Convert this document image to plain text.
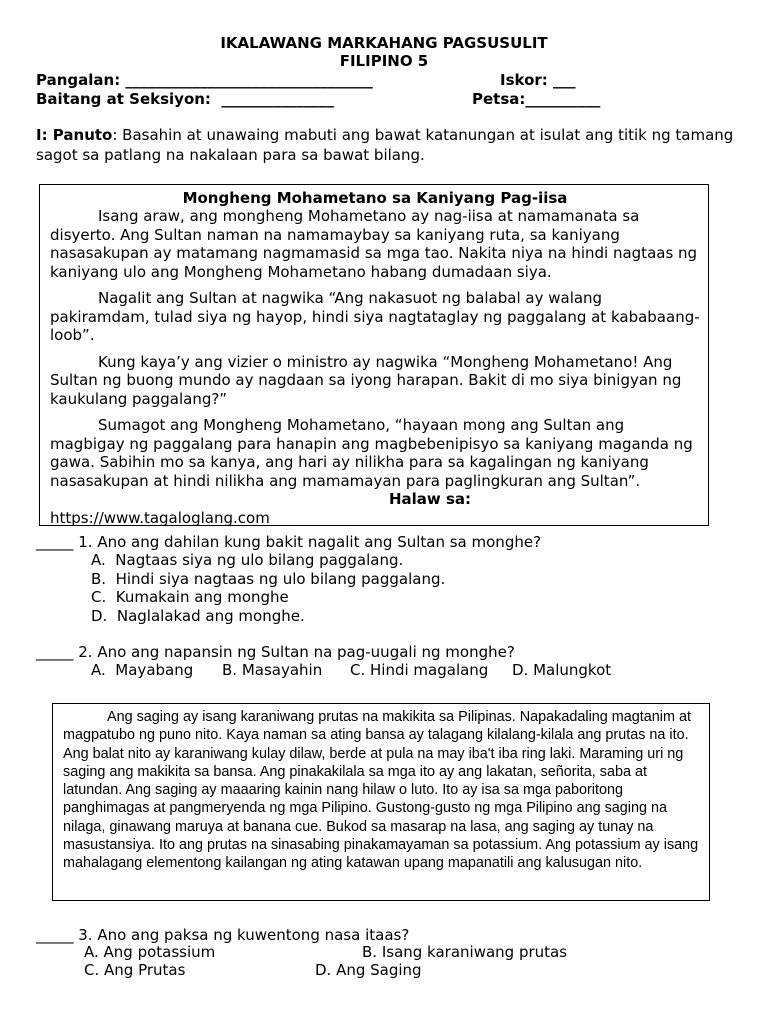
IKALAWANG MARKAHANG PAGSUSULIT
FILIPINO 5
Pangalan: _________________________________	Iskor: ___
Baitang at Seksiyon:  _______________	Petsa:__________
I: Panuto: Basahin at unawaing mabuti ang bawat katanungan at isulat ang titik ng tamang sagot sa patlang na nakalaan para sa bawat bilang.
Mongheng Mohametano sa Kaniyang Pag-iisa

Isang araw, ang mongheng Mohametano ay nag-iisa at namamanata sa disyerto. Ang Sultan naman na namamaybay sa kaniyang ruta, sa kaniyang nasasakupan ay matamang nagmamasid sa mga tao. Nakita niya na hindi nagtaas ng kaniyang ulo ang Mongheng Mohametano habang dumadaan siya.

Nagalit ang Sultan at nagwika “Ang nakasuot ng balabal ay walang pakiramdam, tulad siya ng hayop, hindi siya nagtataglay ng paggalang at kababaang-loob”.

Kung kaya’y ang vizier o ministro ay nagwika “Mongheng Mohametano! Ang Sultan ng buong mundo ay nagdaan sa iyong harapan. Bakit di mo siya binigyan ng kaukulang paggalang?”

Sumagot ang Mongheng Mohametano, “hayaan mong ang Sultan ang magbigay ng paggalang para hanapin ang magbebenipisyo sa kaniyang maganda ng gawa. Sabihin mo sa kanya, ang hari ay nilikha para sa kagalingan ng kaniyang nasasakupan at hindi nilikha ang mamamayan para paglingkuran ang Sultan”.

Halaw sa:
https://www.tagaloglang.com
_____ 1. Ano ang dahilan kung bakit nagalit ang Sultan sa monghe?
A.  Nagtaas siya ng ulo bilang paggalang.
B.  Hindi siya nagtaas ng ulo bilang paggalang.
C.  Kumakain ang monghe
D.  Naglalakad ang monghe.
_____ 2. Ano ang napansin ng Sultan na pag-uugali ng monghe?
A.  Mayabang B. Masayahin C. Hindi magalang D. Malungkot
Ang saging ay isang karaniwang prutas na makikita sa Pilipinas. Napakadaling magtanim at magpatubo ng puno nito. Kaya naman sa ating bansa ay talagang kilalang-kilala ang prutas na ito. Ang balat nito ay karaniwang kulay dilaw, berde at pula na may iba't iba ring laki. Maraming uri ng saging ang makikita sa bansa. Ang pinakakilala sa mga ito ay ang lakatan, señorita, saba at latundan. Ang saging ay maaaring kainin nang hilaw o luto. Ito ay isa sa mga paboritong panghimagas at pangmeryenda ng mga Pilipino. Gustong-gusto ng mga Pilipino ang saging na nilaga, ginawang maruya at banana cue. Bukod sa masarap na lasa, ang saging ay tunay na masustansiya. Ito ang prutas na sinasabing pinakamayaman sa potassium. Ang potassium ay isang mahalagang elementong kailangan ng ating katawan upang mapanatili ang kalusugan nito.
_____ 3. Ano ang paksa ng kuwentong nasa itaas?
A. Ang potassium	B. Isang karaniwang prutas
C. Ang Prutas	D. Ang Saging
